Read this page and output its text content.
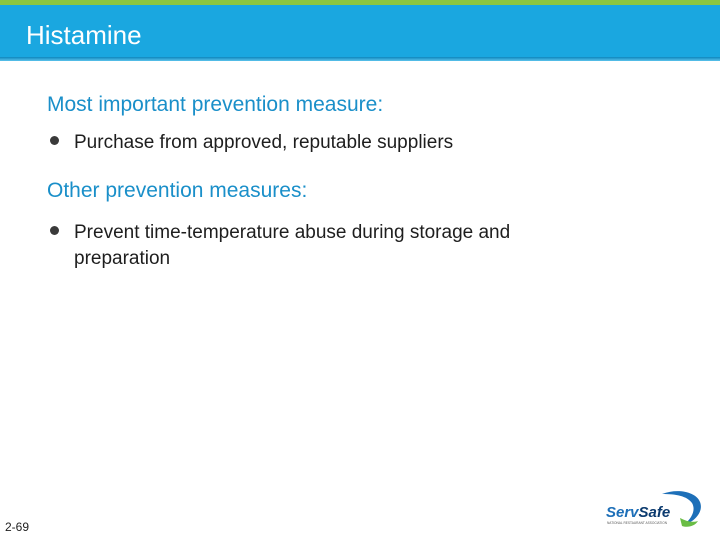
Histamine
Most important prevention measure:

Purchase from approved, reputable suppliers

Other prevention measures:

Prevent time-temperature abuse during storage and preparation

2-69

ServSafe
NATIONAL RESTAURANT ASSOCIATION
